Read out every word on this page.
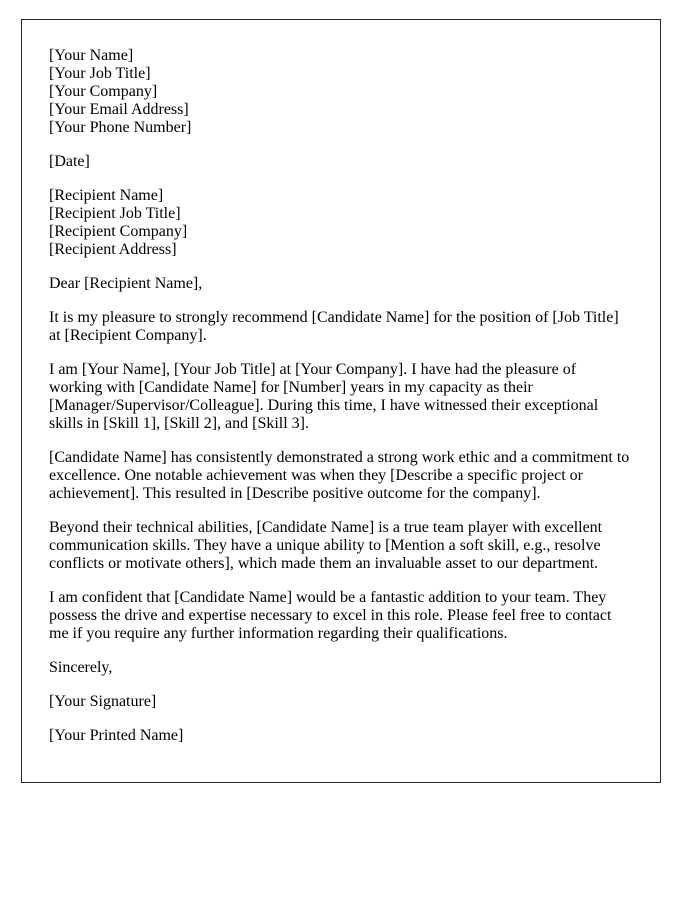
[Your Name]
[Your Job Title]
[Your Company]
[Your Email Address]
[Your Phone Number]

[Date]

[Recipient Name]
[Recipient Job Title]
[Recipient Company]
[Recipient Address]

Dear [Recipient Name],

It is my pleasure to strongly recommend [Candidate Name] for the position of [Job Title] at [Recipient Company].

I am [Your Name], [Your Job Title] at [Your Company]. I have had the pleasure of working with [Candidate Name] for [Number] years in my capacity as their [Manager/Supervisor/Colleague]. During this time, I have witnessed their exceptional skills in [Skill 1], [Skill 2], and [Skill 3].

[Candidate Name] has consistently demonstrated a strong work ethic and a commitment to excellence. One notable achievement was when they [Describe a specific project or achievement]. This resulted in [Describe positive outcome for the company].

Beyond their technical abilities, [Candidate Name] is a true team player with excellent communication skills. They have a unique ability to [Mention a soft skill, e.g., resolve conflicts or motivate others], which made them an invaluable asset to our department.

I am confident that [Candidate Name] would be a fantastic addition to your team. They possess the drive and expertise necessary to excel in this role. Please feel free to contact me if you require any further information regarding their qualifications.

Sincerely,

[Your Signature]

[Your Printed Name]
